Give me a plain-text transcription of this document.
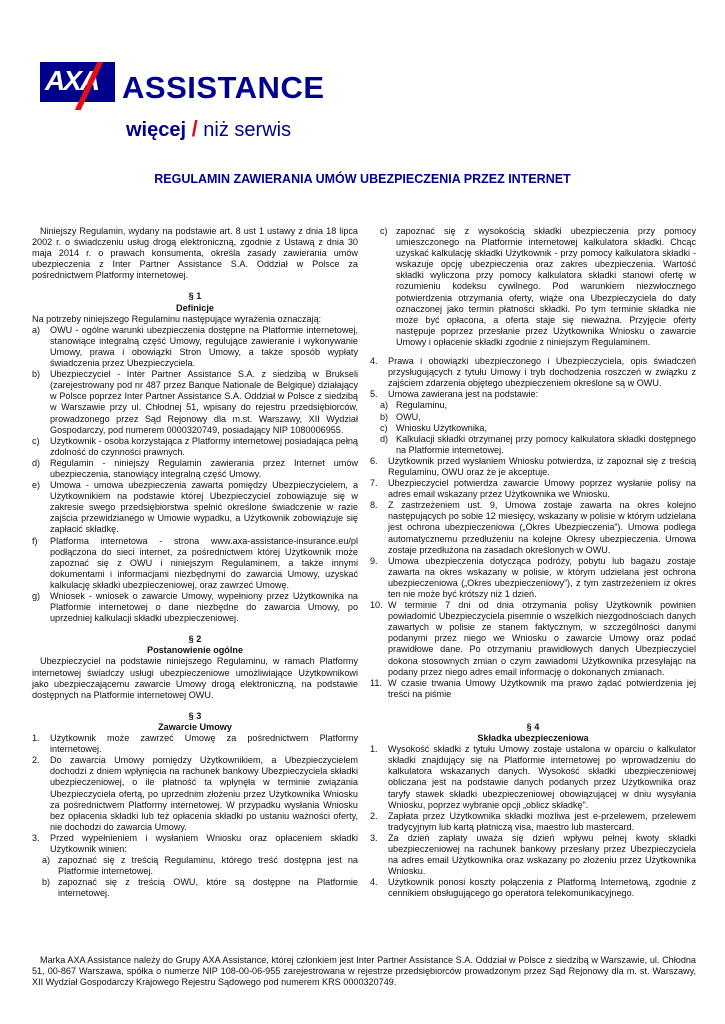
AXA ASSISTANCE
więcej / niż serwis
REGULAMIN ZAWIERANIA UMÓW UBEZPIECZENIA PRZEZ INTERNET

Niniejszy Regulamin, wydany na podstawie art. 8 ust 1 ustawy z dnia 18 lipca 2002 r. o świadczeniu usług drogą elektroniczną, zgodnie z Ustawą z dnia 30 maja 2014 r. o prawach konsumenta, określa zasady zawierania umów ubezpieczenia z Inter Partner Assistance S.A. Oddział w Polsce za pośrednictwem Platformy internetowej.

§ 1
Definicje

Na potrzeby niniejszego Regulaminu następujące wyrażenia oznaczają:

a)	OWU - ogólne warunki ubezpieczenia dostępne na Platformie internetowej, stanowiące integralną część Umowy, regulujące zawieranie i wykonywanie Umowy, prawa i obowiązki Stron Umowy, a także sposób wypłaty świadczenia przez Ubezpieczyciela.
b)	Ubezpieczyciel - Inter Partner Assistance S.A. z siedzibą w Brukseli (zarejestrowany pod nr 487 przez Banque Nationale de Belgique) działający w Polsce poprzez Inter Partner Assistance S.A. Oddział w Polsce z siedzibą w Warszawie przy ul. Chłodnej 51, wpisany do rejestru przedsiębiorców, prowadzonego przez Sąd Rejonowy dla m.st. Warszawy, XII Wydział Gospodarczy, pod numerem 0000320749, posiadający NIP 1080006955.
c)	Użytkownik - osoba korzystająca z Platformy internetowej posiadająca pełną zdolność do czynności prawnych.
d)	Regulamin - niniejszy Regulamin zawierania przez Internet umów ubezpieczenia, stanowiący integralną część Umowy.
e)	Umowa - umowa ubezpieczenia zawarta pomiędzy Ubezpieczycielem, a Użytkownikiem na podstawie której Ubezpieczyciel zobowiązuje się w zakresie swego przedsiębiorstwa spełnić określone świadczenie w razie zajścia przewidzianego w Umowie wypadku, a Użytkownik zobowiązuje się zapłacić składkę.
f)	Platforma internetowa - strona www.axa-assistance-insurance.eu/pl podłączona do sieci internet, za pośrednictwem której Użytkownik może zapoznać się z OWU i niniejszym Regulaminem, a także innymi dokumentami i informacjami niezbędnymi do zawarcia Umowy, uzyskać kalkulację składki ubezpieczeniowej, oraz zawrzeć Umowę.
g)	Wniosek - wniosek o zawarcie Umowy, wypełniony przez Użytkownika na Platformie internetowej o dane niezbędne do zawarcia Umowy, po uprzedniej kalkulacji składki ubezpieczeniowej.
§ 2
Postanowienie ogólne

Ubezpieczyciel na podstawie niniejszego Regulaminu, w ramach Platformy internetowej świadczy usługi ubezpieczeniowe umożliwiające Użytkownikowi jako ubezpieczającemu zawarcie Umowy drogą elektroniczną, na podstawie dostępnych na Platformie internetowej OWU.

§ 3
Zawarcie Umowy
1.	Użytkownik może zawrzeć Umowę za pośrednictwem Platformy internetowej.
2.	Do zawarcia Umowy pomiędzy Użytkownikiem, a Ubezpieczycielem dochodzi z dniem wpłynięcia na rachunek bankowy Ubezpieczyciela składki ubezpieczeniowej, o ile płatność ta wpłynęła w terminie związania Ubezpieczyciela ofertą, po uprzednim złożeniu przez Użytkownika Wniosku za pośrednictwem Platformy internetowej. W przypadku wysłania Wniosku bez opłacenia składki lub też opłacenia składki po ustaniu ważności oferty, nie dochodzi do zawarcia Umowy.
3.	Przed wypełnieniem i wysłaniem Wniosku oraz opłaceniem składki Użytkownik winien:
a) zapoznać się z treścią Regulaminu, którego treść dostępna jest na Platformie internetowej.
b) zapoznać się z treścią OWU, które są dostępne na Platformie internetowej.
c) zapoznać się z wysokością składki ubezpieczenia przy pomocy umieszczonego na Platformie internetowej kalkulatora składki. Chcąc uzyskać kalkulację składki Użytkownik - przy pomocy kalkulatora składki - wskazuje opcję ubezpieczenia oraz zakres ubezpieczenia. Wartość składki wyliczona przy pomocy kalkulatora składki stanowi ofertę w rozumieniu kodeksu cywilnego. Pod warunkiem niezwłocznego potwierdzenia otrzymania oferty, wiąże ona Ubezpieczyciela do daty oznaczonej jako termin płatności składki. Po tym terminie składka nie może być opłacona, a oferta staje się nieważna. Przyjęcie oferty następuje poprzez przesłanie przez Użytkownika Wniosku o zawarcie Umowy i opłacenie składki zgodnie z niniejszym Regulaminem.
4.	Prawa i obowiązki ubezpieczonego i Ubezpieczyciela, opis świadczeń przysługujących z tytułu Umowy i tryb dochodzenia roszczeń w związku z zajściem zdarzenia objętego ubezpieczeniem określone są w OWU.
5.	Umowa zawierana jest na podstawie:
a) Regulaminu,
b) OWU,
c) Wniosku Użytkownika,
d) Kalkulacji składki otrzymanej przy pomocy kalkulatora składki dostępnego na Platformie internetowej.
6.	Użytkownik przed wysłaniem Wniosku potwierdza, iż zapoznał się z treścią Regulaminu, OWU oraz że je akceptuje.
7.	Ubezpieczyciel potwierdza zawarcie Umowy poprzez wysłanie polisy na adres email wskazany przez Użytkownika we Wniosku.
8.	Z zastrzeżeniem ust. 9, Umowa zostaje zawarta na okres kolejno następujących po sobie 12 miesięcy, wskazany w polisie w którym udzielana jest ochrona ubezpieczeniowa („Okres Ubezpieczenia”). Umowa podlega automatycznemu przedłużeniu na kolejne Okresy ubezpieczenia. Umowa zostaje przedłużona na zasadach określonych w OWU.
9.	Umowa ubezpieczenia dotycząca podróży, pobytu lub bagażu zostaje zawarta na okres wskazany w polisie, w którym udzielana jest ochrona ubezpieczeniowa („Okres ubezpieczeniowy”), z tym zastrzeżeniem iż okres ten nie może być krótszy niż 1 dzień.
10. W terminie 7 dni od dnia otrzymania polisy Użytkownik powinien powiadomić Ubezpieczyciela pisemnie o wszelkich niezgodnościach danych zawartych w polisie ze stanem faktycznym, w szczególności danymi podanymi przez niego we Wniosku o zawarcie Umowy oraz podać prawidłowe dane. Po otrzymaniu prawidłowych danych Ubezpieczyciel dokona stosownych zmian o czym zawiadomi Użytkownika przesyłając na podany przez niego adres email informację o dokonanych zmianach.
11. W czasie trwania Umowy Użytkownik ma prawo żądać potwierdzenia jej treści na piśmie
§ 4
Składka ubezpieczeniowa
1.	Wysokość składki z tytułu Umowy zostaje ustalona w oparciu o kalkulator składki znajdujący się na Platformie internetowej po wprowadzeniu do kalkulatora wskazanych danych. Wysokość składki ubezpieczeniowej obliczana jest na podstawie danych podanych przez Użytkownika oraz taryfy stawek składki ubezpieczeniowej obowiązującej w dniu wysyłania Wniosku, poprzez wybranie opcji „oblicz składkę”.
2.	Zapłata przez Użytkownika składki możliwa jest e-przelewem, przelewem tradycyjnym lub kartą płatniczą visa, maestro lub mastercard.
3.	Za dzień zapłaty uważa się dzień wpływu pełnej kwoty składki ubezpieczeniowej na rachunek bankowy przesłany przez Ubezpieczyciela na adres email Użytkownika oraz wskazany po złożeniu przez Użytkownika Wniosku.
4.	Użytkownik ponosi koszty połączenia z Platformą Internetową, zgodnie z cennikiem obsługującego go operatora telekomunikacyjnego.

Marka AXA Assistance należy do Grupy AXA Assistance, której członkiem jest Inter Partner Assistance S.A. Oddział w Polsce z siedzibą w Warszawie, ul. Chłodna 51, 00-867 Warszawa, spółka o numerze NIP 108-00-06-955 zarejestrowana w rejestrze przedsiębiorców prowadzonym przez Sąd Rejonowy dla m. st. Warszawy, XII Wydział Gospodarczy Krajowego Rejestru Sądowego pod numerem KRS 0000320749.
